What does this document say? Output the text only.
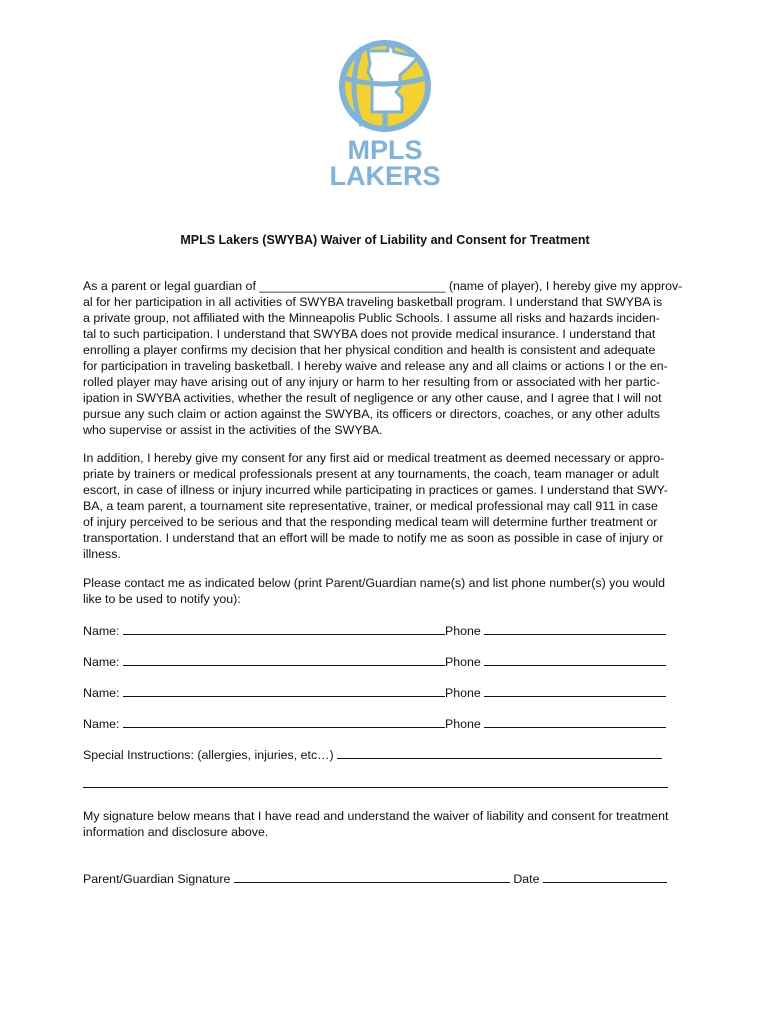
MPLS
LAKERS
MPLS Lakers (SWYBA) Waiver of Liability and Consent for Treatment
As a parent or legal guardian of ___________________________ (name of player), I hereby give my approv-
al for her participation in all activities of SWYBA traveling basketball program. I understand that SWYBA is
a private group, not affiliated with the Minneapolis Public Schools. I assume all risks and hazards inciden-
tal to such participation. I understand that SWYBA does not provide medical insurance. I understand that
enrolling a player confirms my decision that her physical condition and health is consistent and adequate
for participation in traveling basketball. I hereby waive and release any and all claims or actions I or the en-
rolled player may have arising out of any injury or harm to her resulting from or associated with her partic-
ipation in SWYBA activities, whether the result of negligence or any other cause, and I agree that I will not
pursue any such claim or action against the SWYBA, its officers or directors, coaches, or any other adults
who supervise or assist in the activities of the SWYBA.
In addition, I hereby give my consent for any first aid or medical treatment as deemed necessary or appro-
priate by trainers or medical professionals present at any tournaments, the coach, team manager or adult
escort, in case of illness or injury incurred while participating in practices or games. I understand that SWY-
BA, a team parent, a tournament site representative, trainer, or medical professional may call 911 in case
of injury perceived to be serious and that the responding medical team will determine further treatment or
transportation. I understand that an effort will be made to notify me as soon as possible in case of injury or
illness.
Please contact me as indicated below (print Parent/Guardian name(s) and list phone number(s) you would
like to be used to notify you):
Name:	Phone
Name:	Phone
Name:	Phone
Name:	Phone
Special Instructions: (allergies, injuries, etc…)
My signature below means that I have read and understand the waiver of liability and consent for treatment
information and disclosure above.
Parent/Guardian Signature	Date
